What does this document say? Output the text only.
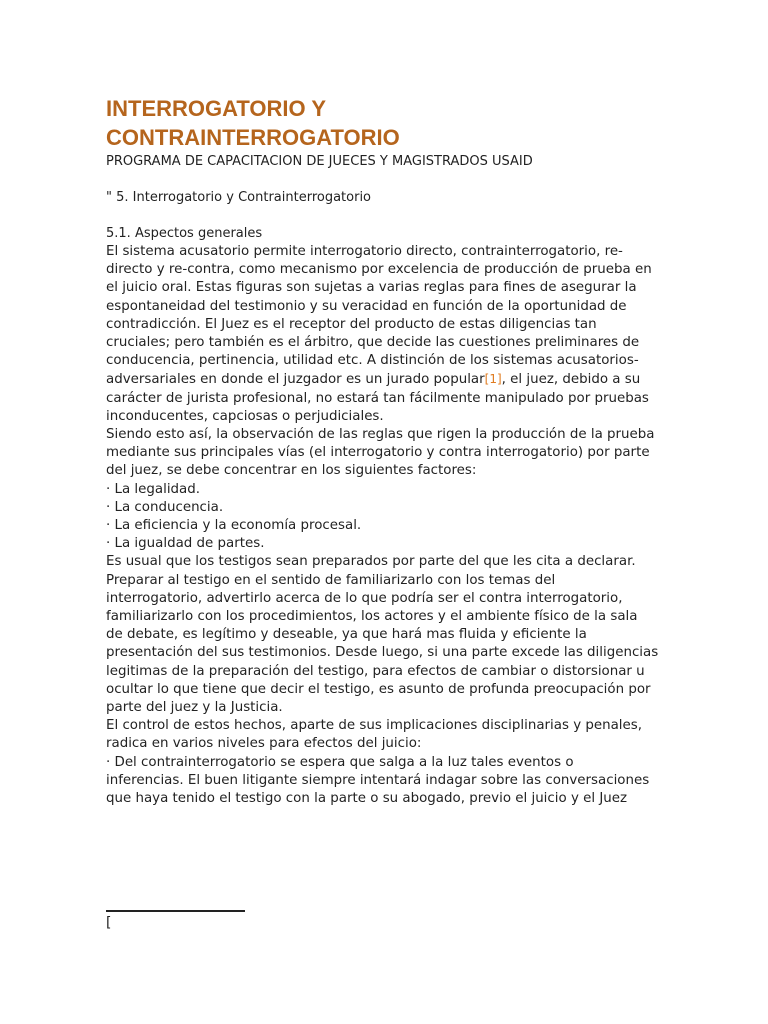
INTERROGATORIO Y
CONTRAINTERROGATORIO

PROGRAMA DE CAPACITACION DE JUECES Y MAGISTRADOS USAID

" 5. Interrogatorio y Contrainterrogatorio

5.1. Aspectos generales

El sistema acusatorio permite interrogatorio directo, contrainterrogatorio, re-
directo y re-contra, como mecanismo por excelencia de producción de prueba en
el juicio oral. Estas figuras son sujetas a varias reglas para fines de asegurar la
espontaneidad del testimonio y su veracidad en función de la oportunidad de
contradicción. El Juez es el receptor del producto de estas diligencias tan
cruciales; pero también es el árbitro, que decide las cuestiones preliminares de
conducencia, pertinencia, utilidad etc. A distinción de los sistemas acusatorios-
adversariales en donde el juzgador es un jurado popular[1], el juez, debido a su
carácter de jurista profesional, no estará tan fácilmente manipulado por pruebas
inconducentes, capciosas o perjudiciales.
Siendo esto así, la observación de las reglas que rigen la producción de la prueba
mediante sus principales vías (el interrogatorio y contra interrogatorio) por parte
del juez, se debe concentrar en los siguientes factores:
· La legalidad.
· La conducencia.
· La eficiencia y la economía procesal.
· La igualdad de partes.
Es usual que los testigos sean preparados por parte del que les cita a declarar.
Preparar al testigo en el sentido de familiarizarlo con los temas del
interrogatorio, advertirlo acerca de lo que podría ser el contra interrogatorio,
familiarizarlo con los procedimientos, los actores y el ambiente físico de la sala
de debate, es legítimo y deseable, ya que hará mas fluida y eficiente la
presentación del sus testimonios. Desde luego, si una parte excede las diligencias
legitimas de la preparación del testigo, para efectos de cambiar o distorsionar u
ocultar lo que tiene que decir el testigo, es asunto de profunda preocupación por
parte del juez y la Justicia.
El control de estos hechos, aparte de sus implicaciones disciplinarias y penales,
radica en varios niveles para efectos del juicio:
· Del contrainterrogatorio se espera que salga a la luz tales eventos o
inferencias. El buen litigante siempre intentará indagar sobre las conversaciones
que haya tenido el testigo con la parte o su abogado, previo el juicio y el Juez
[
